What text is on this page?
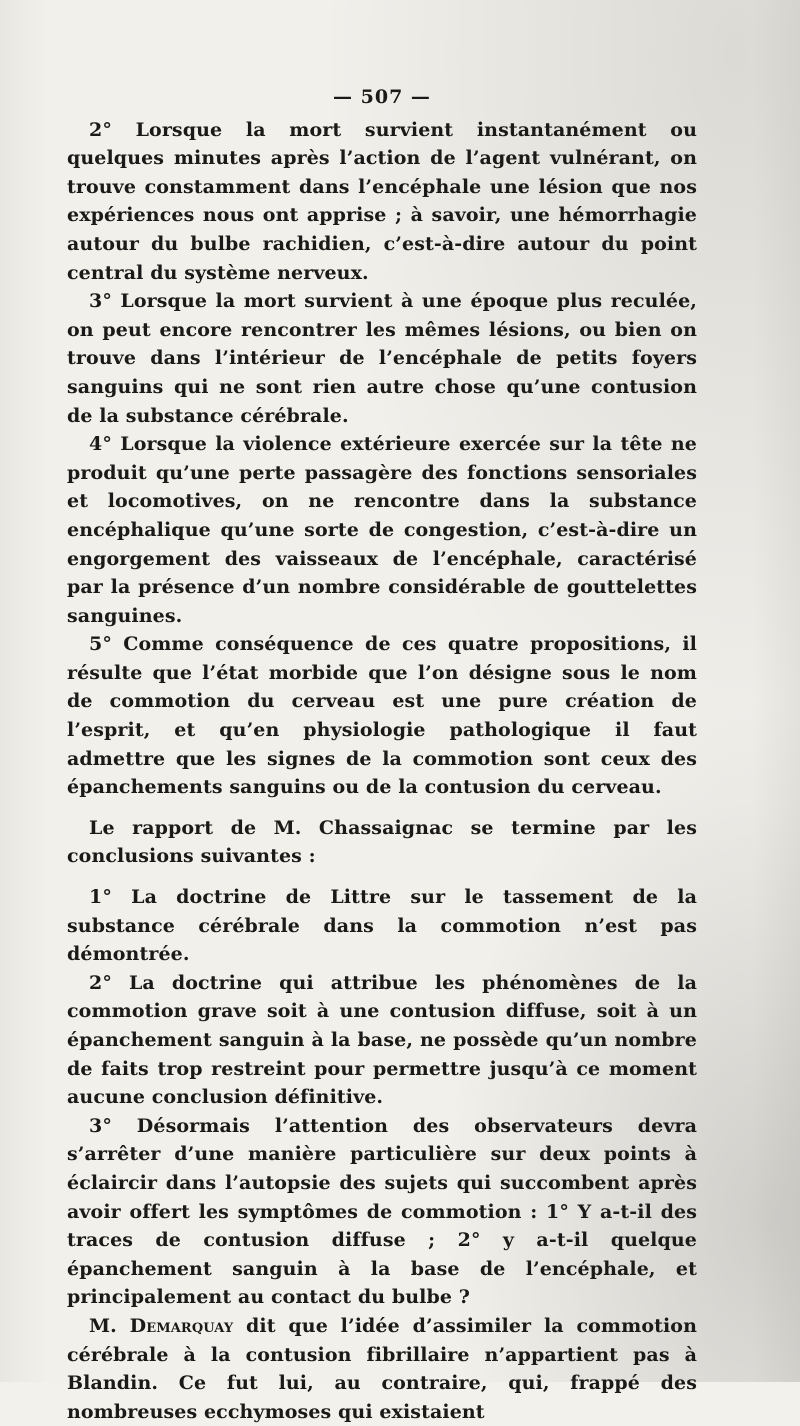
— 507 —

2° Lorsque la mort survient instantanément ou quelques minutes après l’action de l’agent vulnérant, on trouve constamment dans l’encéphale une lésion que nos expériences nous ont apprise ; à savoir, une hémorrhagie autour du bulbe rachidien, c’est-à-dire autour du point central du système nerveux.

3° Lorsque la mort survient à une époque plus reculée, on peut encore rencontrer les mêmes lésions, ou bien on trouve dans l’intérieur de l’encéphale de petits foyers sanguins qui ne sont rien autre chose qu’une contusion de la substance cérébrale.

4° Lorsque la violence extérieure exercée sur la tête ne produit qu’une perte passagère des fonctions sensoriales et locomotives, on ne rencontre dans la substance encéphalique qu’une sorte de congestion, c’est-à-dire un engorgement des vaisseaux de l’encéphale, caractérisé par la présence d’un nombre considérable de gouttelettes sanguines.

5° Comme conséquence de ces quatre propositions, il résulte que l’état morbide que l’on désigne sous le nom de commotion du cerveau est une pure création de l’esprit, et qu’en physiologie pathologique il faut admettre que les signes de la commotion sont ceux des épanchements sanguins ou de la contusion du cerveau.

Le rapport de M. Chassaignac se termine par les conclusions suivantes :

1° La doctrine de Littre sur le tassement de la substance cérébrale dans la commotion n’est pas démontrée.

2° La doctrine qui attribue les phénomènes de la commotion grave soit à une contusion diffuse, soit à un épanchement sanguin à la base, ne possède qu’un nombre de faits trop restreint pour permettre jusqu’à ce moment aucune conclusion définitive.

3° Désormais l’attention des observateurs devra s’arrêter d’une manière particulière sur deux points à éclaircir dans l’autopsie des sujets qui succombent après avoir offert les symptômes de commotion : 1° Y a-t-il des traces de contusion diffuse ; 2° y a-t-il quelque épanchement sanguin à la base de l’encéphale, et principalement au contact du bulbe ?

M. Demarquay dit que l’idée d’assimiler la commotion cérébrale à la contusion fibrillaire n’appartient pas à Blandin. Ce fut lui, au contraire, qui, frappé des nombreuses ecchymoses qui existaient
